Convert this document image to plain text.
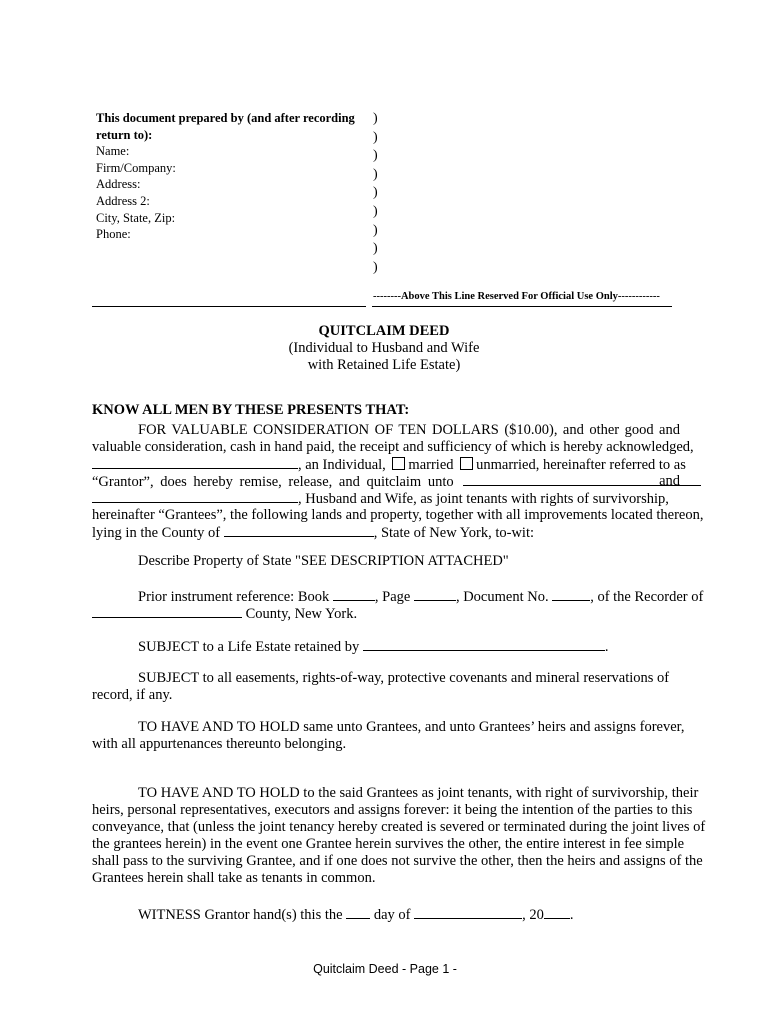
This document prepared by (and after recording
return to):
Name:
Firm/Company:
Address:
Address 2:
City, State, Zip:
Phone:
)
)
)
)
)
)
)
)
)
--------Above This Line Reserved For Official Use Only------------
QUITCLAIM DEED
(Individual to Husband and Wife
with Retained Life Estate)
KNOW ALL MEN BY THESE PRESENTS THAT:
FOR VALUABLE CONSIDERATION OF TEN DOLLARS ($10.00), and other good and
valuable consideration, cash in hand paid, the receipt and sufficiency of which is hereby acknowledged,
, an Individual, married unmarried, hereinafter referred to as
“Grantor”, does hereby remise, release, and quitclaim unto	and
, Husband and Wife, as joint tenants with rights of survivorship,
hereinafter “Grantees”, the following lands and property, together with all improvements located thereon,
lying in the County of	, State of New York, to-wit:
Describe Property of State "SEE DESCRIPTION ATTACHED"
Prior instrument reference: Book	, Page	, Document No.	, of the Recorder of
County, New York.
SUBJECT to a Life Estate retained by	.
SUBJECT to all easements, rights-of-way, protective covenants and mineral reservations of
record, if any.
TO HAVE AND TO HOLD same unto Grantees, and unto Grantees’ heirs and assigns forever,
with all appurtenances thereunto belonging.
TO HAVE AND TO HOLD to the said Grantees as joint tenants, with right of survivorship, their
heirs, personal representatives, executors and assigns forever: it being the intention of the parties to this
conveyance, that (unless the joint tenancy hereby created is severed or terminated during the joint lives of
the grantees herein) in the event one Grantee herein survives the other, the entire interest in fee simple
shall pass to the surviving Grantee, and if one does not survive the other, then the heirs and assigns of the
Grantees herein shall take as tenants in common.
WITNESS Grantor hand(s) this the day of	, 20 .
Quitclaim Deed - Page 1 -
